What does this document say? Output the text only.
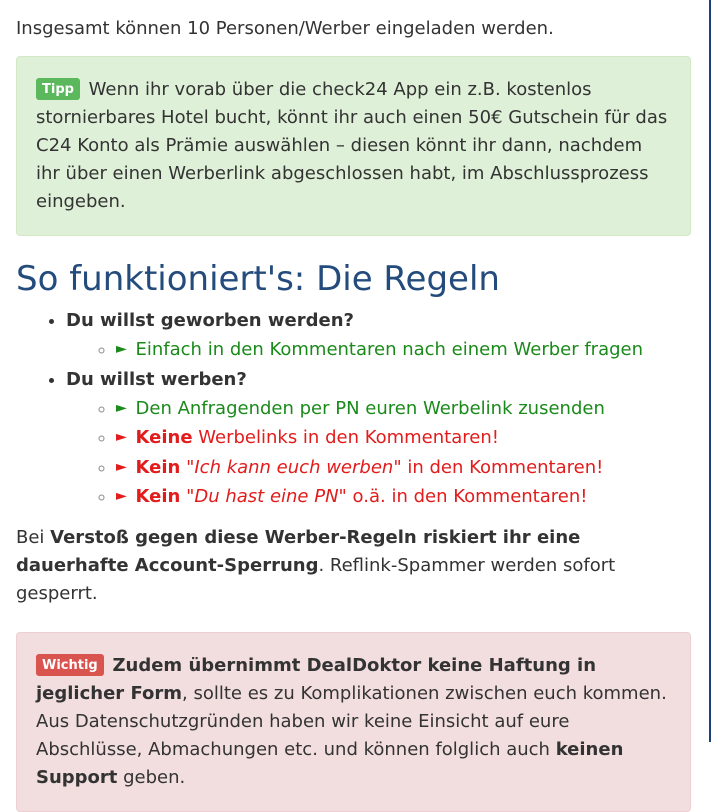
Insgesamt können 10 Personen/Werber eingeladen werden.

Tipp Wenn ihr vorab über die check24 App ein z.B. kostenlos stornierbares Hotel bucht, könnt ihr auch einen 50€ Gutschein für das C24 Konto als Prämie auswählen – diesen könnt ihr dann, nachdem ihr über einen Werberlink abgeschlossen habt, im Abschlussprozess eingeben.
So funktioniert's: Die Regeln
• Du willst geworben werden?
◦ ► Einfach in den Kommentaren nach einem Werber fragen
• Du willst werben?
◦ ► Den Anfragenden per PN euren Werbelink zusenden
◦ ► Keine Werbelinks in den Kommentaren!
◦ ► Kein "Ich kann euch werben" in den Kommentaren!
◦ ► Kein "Du hast eine PN" o.ä. in den Kommentaren!

Bei Verstoß gegen diese Werber-Regeln riskiert ihr eine dauerhafte Account-Sperrung. Reflink-Spammer werden sofort gesperrt.

Wichtig Zudem übernimmt DealDoktor keine Haftung in jeglicher Form, sollte es zu Komplikationen zwischen euch kommen. Aus Datenschutzgründen haben wir keine Einsicht auf eure Abschlüsse, Abmachungen etc. und können folglich auch keinen Support geben.
